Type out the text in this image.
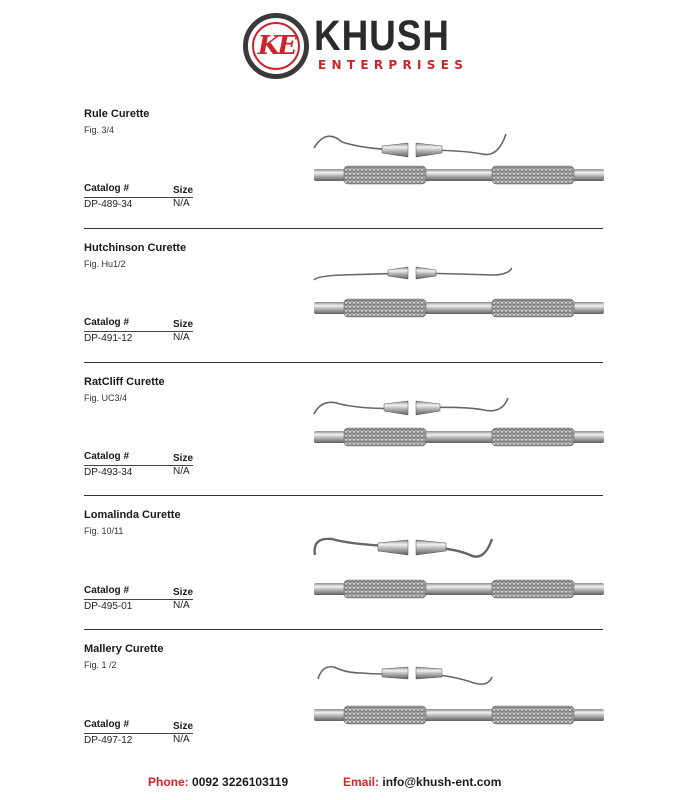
KE KHUSH
ENTERPRISES
Rule Curette
Fig. 3/4
Catalog #	Size
DP-489-34	N/A
Hutchinson Curette
Fig. Hu1/2
Catalog #	Size
DP-491-12	N/A
RatCliff Curette
Fig. UC3/4
Catalog #	Size
DP-493-34	N/A
Lomalinda Curette
Fig. 10/11
Catalog #	Size
DP-495-01	N/A
Mallery Curette
Fig. 1 /2
Catalog #	Size
DP-497-12	N/A
Phone: 0092 3226103119	Email: info@khush-ent.com
